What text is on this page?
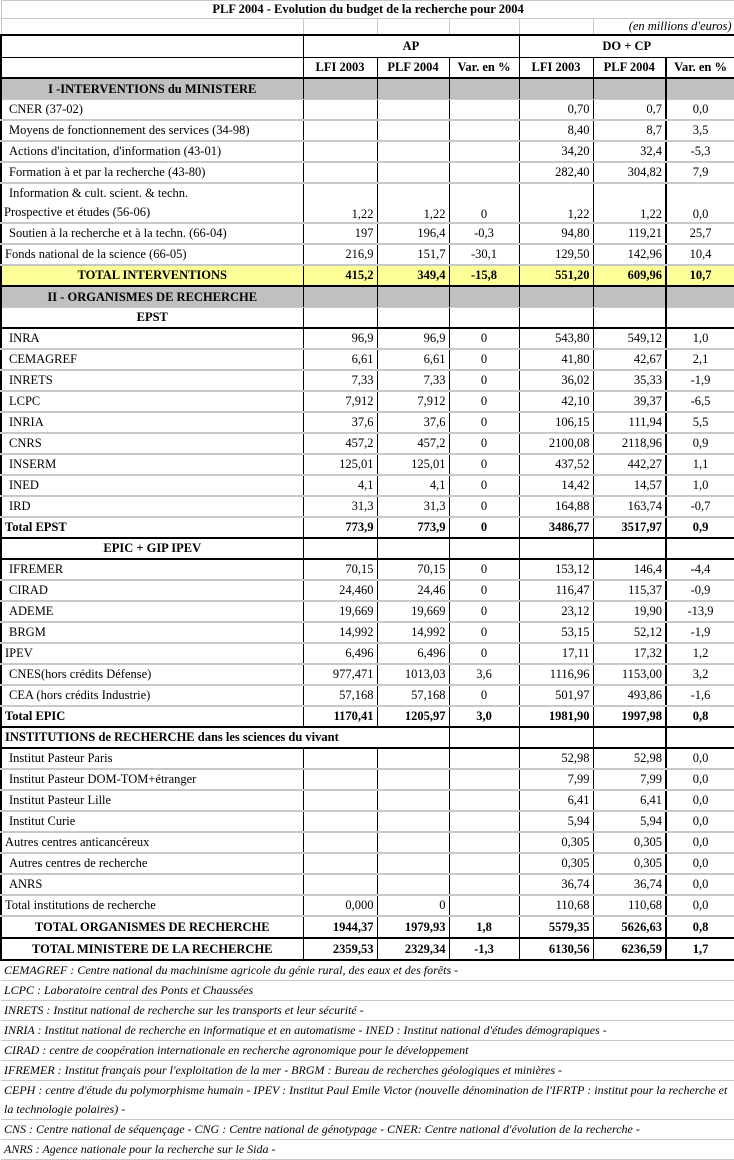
PLF 2004 - Evolution du budget de la recherche pour 2004						
					(en millions d'euros)	
	AP			DO + CP		
	LFI 2003	PLF 2004	Var. en %	LFI 2003	PLF 2004	Var. en %
I -INTERVENTIONS du MINISTERE						
CNER (37-02)				0,70	0,7	0,0
Moyens de fonctionnement des services (34-98)				8,40	8,7	3,5
Actions d'incitation, d'information (43-01)				34,20	32,4	-5,3
Formation à et par la recherche (43-80)				282,40	304,82	7,9

Information & cult. scient. & techn.
Prospective et études (56-06)	1,22	1,22	0	1,22	1,22	0,0
Soutien à la recherche et à la techn. (66-04)	197	196,4	-0,3	94,80	119,21	25,7
Fonds national de la science (66-05)	216,9	151,7	-30,1	129,50	142,96	10,4
TOTAL INTERVENTIONS	415,2	349,4	-15,8	551,20	609,96	10,7
II - ORGANISMES DE RECHERCHE						
EPST						
INRA	96,9	96,9	0	543,80	549,12	1,0
CEMAGREF	6,61	6,61	0	41,80	42,67	2,1
INRETS	7,33	7,33	0	36,02	35,33	-1,9
LCPC	7,912	7,912	0	42,10	39,37	-6,5
INRIA	37,6	37,6	0	106,15	111,94	5,5
CNRS	457,2	457,2	0	2100,08	2118,96	0,9
INSERM	125,01	125,01	0	437,52	442,27	1,1
INED	4,1	4,1	0	14,42	14,57	1,0
IRD	31,3	31,3	0	164,88	163,74	-0,7
Total EPST	773,9	773,9	0	3486,77	3517,97	0,9
EPIC + GIP IPEV						
IFREMER	70,15	70,15	0	153,12	146,4	-4,4
CIRAD	24,460	24,46	0	116,47	115,37	-0,9
ADEME	19,669	19,669	0	23,12	19,90	-13,9
BRGM	14,992	14,992	0	53,15	52,12	-1,9
IPEV	6,496	6,496	0	17,11	17,32	1,2
CNES(hors crédits Défense)	977,471	1013,03	3,6	1116,96	1153,00	3,2
CEA (hors crédits Industrie)	57,168	57,168	0	501,97	493,86	-1,6
Total EPIC	1170,41	1205,97	3,0	1981,90	1997,98	0,8
INSTITUTIONS de RECHERCHE dans les sciences du vivant						
Institut Pasteur Paris				52,98	52,98	0,0
Institut Pasteur DOM-TOM+étranger				7,99	7,99	0,0
Institut Pasteur Lille				6,41	6,41	0,0
Institut Curie				5,94	5,94	0,0
Autres centres anticancéreux				0,305	0,305	0,0
Autres centres de recherche				0,305	0,305	0,0
ANRS				36,74	36,74	0,0
Total institutions de recherche	0,000	0		110,68	110,68	0,0
TOTAL ORGANISMES DE RECHERCHE	1944,37	1979,93	1,8	5579,35	5626,63	0,8
TOTAL MINISTERE DE LA RECHERCHE	2359,53	2329,34	-1,3	6130,56	6236,59	1,7
CEMAGREF : Centre national du machinisme agricole du génie rural, des eaux et des forêts -						
LCPC : Laboratoire central des Ponts et Chaussées						
INRETS : Institut national de recherche sur les transports et leur sécurité -						
INRIA : Institut national de recherche en informatique et en automatisme - INED : Institut national d'études démograpiques -						
CIRAD : centre de coopération internationale en recherche agronomique pour le développement						
IFREMER : Institut français pour l'exploitation de la mer - BRGM : Bureau de recherches géologiques et minières -						
CEPH : centre d'étude du polymorphisme humain - IPEV : Institut Paul Emile Victor (nouvelle dénomination de l'IFRTP : institut pour la recherche et la technologie polaires) -						
CNS : Centre national de séquençage - CNG : Centre national de génotypage - CNER: Centre national d'évolution de la recherche -						
ANRS : Agence nationale pour la recherche sur le Sida -						
